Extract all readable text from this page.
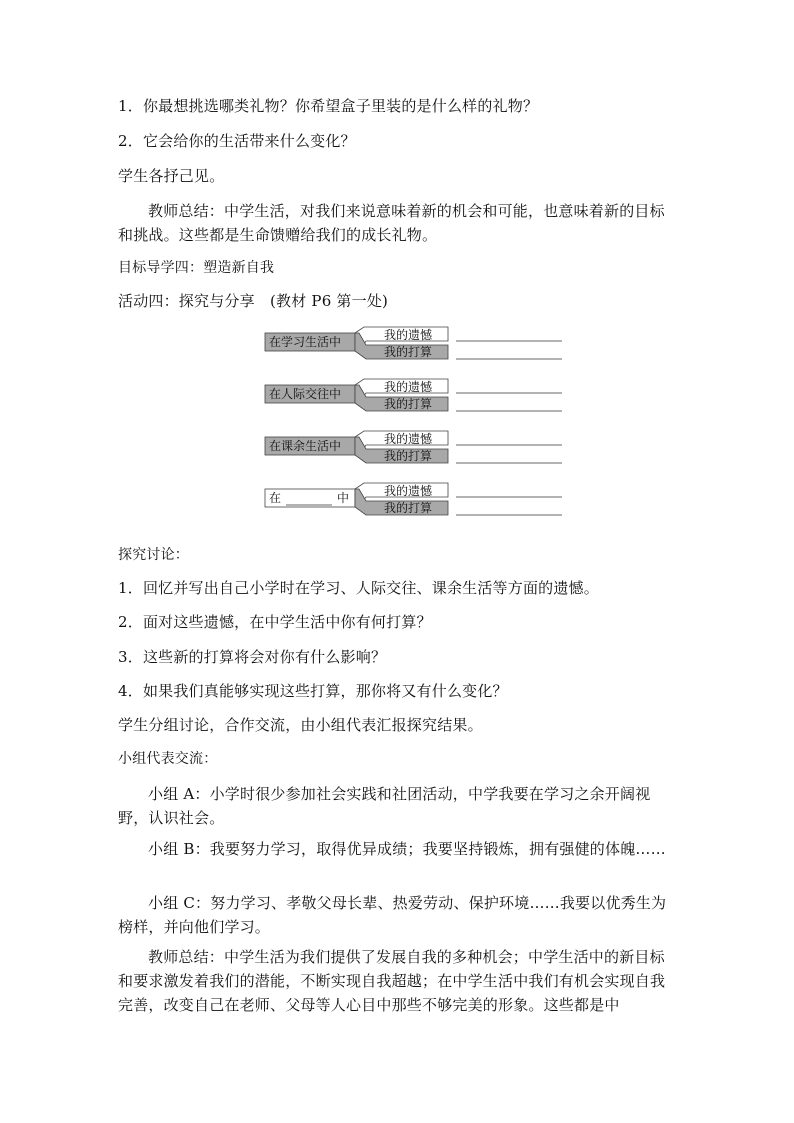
1．你最想挑选哪类礼物？你希望盒子里装的是什么样的礼物？

2．它会给你的生活带来什么变化？

学生各抒己见。

教师总结：中学生活，对我们来说意味着新的机会和可能，也意味着新的目标和挑战。这些都是生命馈赠给我们的成长礼物。

目标导学四：塑造新自我

活动四：探究与分享　(教材 P6 第一处)

在学习生活中	我的遗憾
我的打算
在人际交往中	我的遗憾
我的打算
在课余生活中	我的遗憾
我的打算
在	中	我的遗憾
我的打算

探究讨论：

1．回忆并写出自己小学时在学习、人际交往、课余生活等方面的遗憾。

2．面对这些遗憾，在中学生活中你有何打算？

3．这些新的打算将会对你有什么影响？

4．如果我们真能够实现这些打算，那你将又有什么变化？

学生分组讨论，合作交流，由小组代表汇报探究结果。

小组代表交流：

小组 A：小学时很少参加社会实践和社团活动，中学我要在学习之余开阔视野，认识社会。

小组 B：我要努力学习，取得优异成绩；我要坚持锻炼，拥有强健的体魄……

小组 C：努力学习、孝敬父母长辈、热爱劳动、保护环境……我要以优秀生为榜样，并向他们学习。

教师总结：中学生活为我们提供了发展自我的多种机会；中学生活中的新目标和要求激发着我们的潜能，不断实现自我超越；在中学生活中我们有机会实现自我完善，改变自己在老师、父母等人心目中那些不够完美的形象。这些都是中
